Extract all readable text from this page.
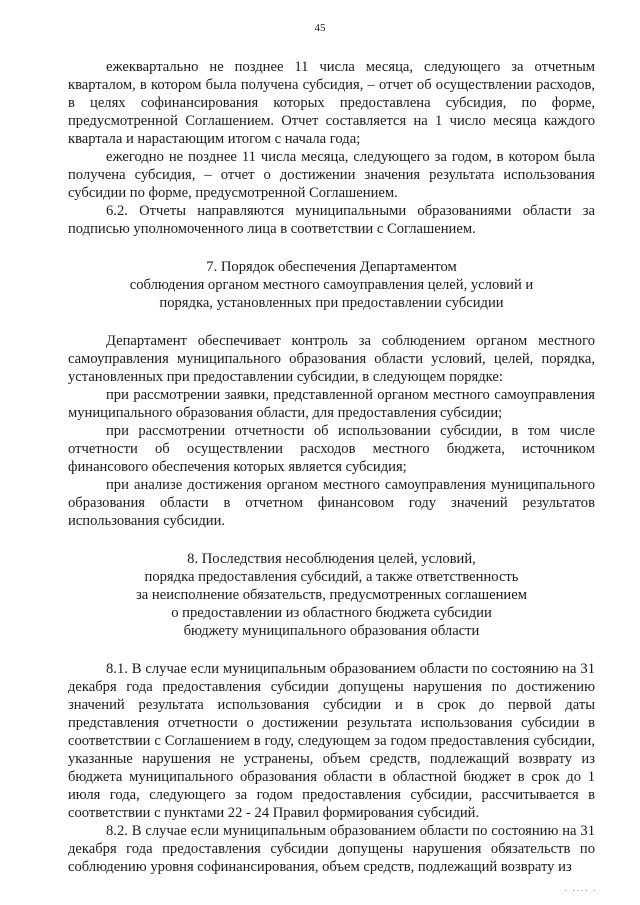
45

ежеквартально не позднее 11 числа месяца, следующего за отчетным кварталом, в котором была получена субсидия, – отчет об осуществлении расходов, в целях софинансирования которых предоставлена субсидия, по форме, предусмотренной Соглашением. Отчет составляется на 1 число месяца каждого квартала и нарастающим итогом с начала года;

ежегодно не позднее 11 числа месяца, следующего за годом, в котором была получена субсидия, – отчет о достижении значения результата использования субсидии по форме, предусмотренной Соглашением.

6.2. Отчеты направляются муниципальными образованиями области за подписью уполномоченного лица в соответствии с Соглашением.

7. Порядок обеспечения Департаментом
соблюдения органом местного самоуправления целей, условий и
порядка, установленных при предоставлении субсидии

Департамент обеспечивает контроль за соблюдением органом местного самоуправления муниципального образования области условий, целей, порядка, установленных при предоставлении субсидии, в следующем порядке:

при рассмотрении заявки, представленной органом местного самоуправления муниципального образования области, для предоставления субсидии;

при рассмотрении отчетности об использовании субсидии, в том числе отчетности об осуществлении расходов местного бюджета, источником финансового обеспечения которых является субсидия;

при анализе достижения органом местного самоуправления муниципального образования области в отчетном финансовом году значений результатов использования субсидии.

8. Последствия несоблюдения целей, условий,
порядка предоставления субсидий, а также ответственность
за неисполнение обязательств, предусмотренных соглашением
о предоставлении из областного бюджета субсидии
бюджету муниципального образования области

8.1. В случае если муниципальным образованием области по состоянию на 31 декабря года предоставления субсидии допущены нарушения по достижению значений результата использования субсидии и в срок до первой даты представления отчетности о достижении результата использования субсидии в соответствии с Соглашением в году, следующем за годом предоставления субсидии, указанные нарушения не устранены, объем средств, подлежащий возврату из бюджета муниципального образования области в областной бюджет в срок до 1 июля года, следующего за годом предоставления субсидии, рассчитывается в соответствии с пунктами 22 - 24 Правил формирования субсидий.

8.2. В случае если муниципальным образованием области по состоянию на 31 декабря года предоставления субсидии допущены нарушения обязательств по соблюдению уровня софинансирования, объем средств, подлежащий возврату из

. .... .
